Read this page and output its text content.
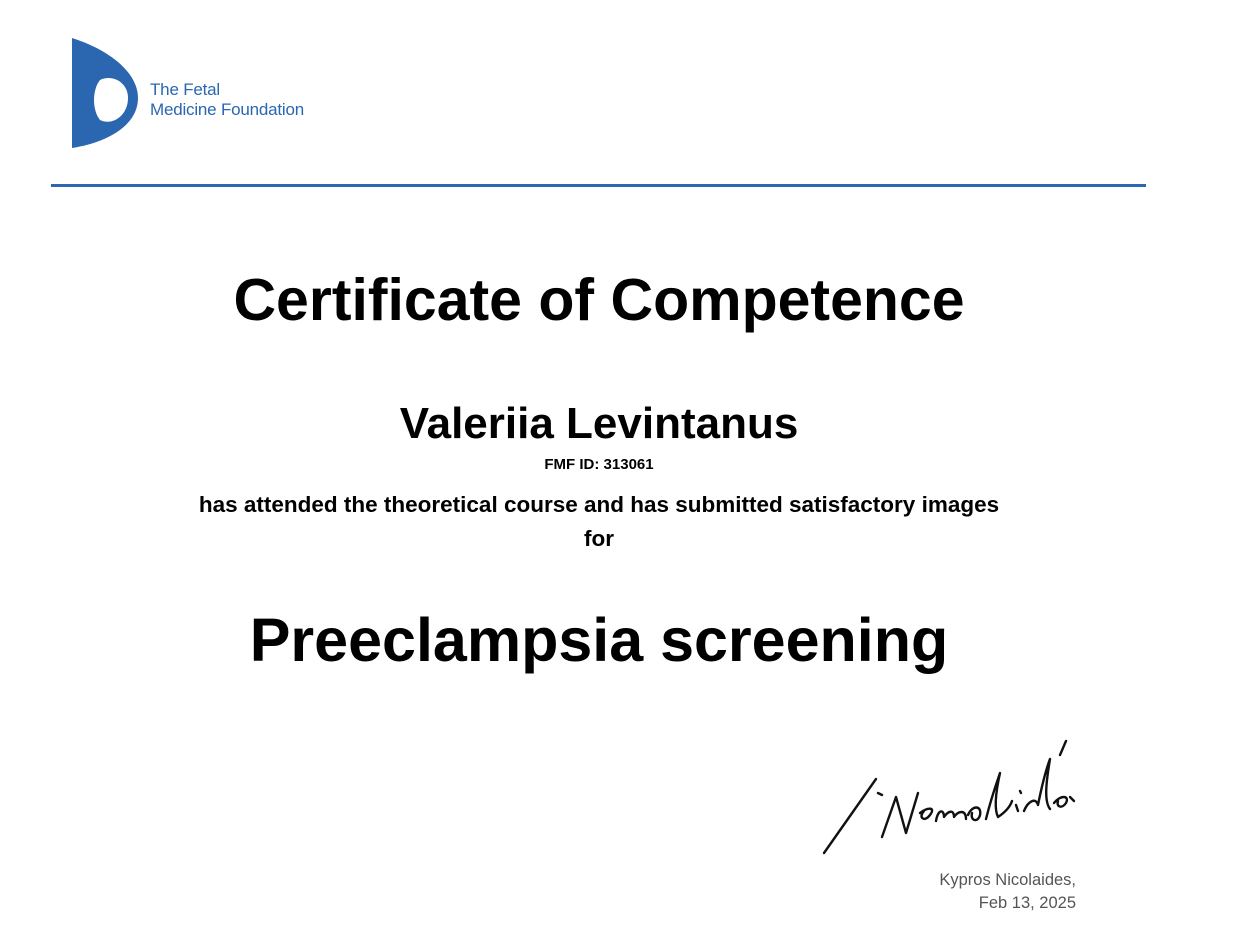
The Fetal
Medicine Foundation
Certificate of Competence
Valeriia Levintanus
FMF ID: 313061
has attended the theoretical course and has submitted satisfactory images for
Preeclampsia screening
Kypros Nicolaides,
Feb 13, 2025
